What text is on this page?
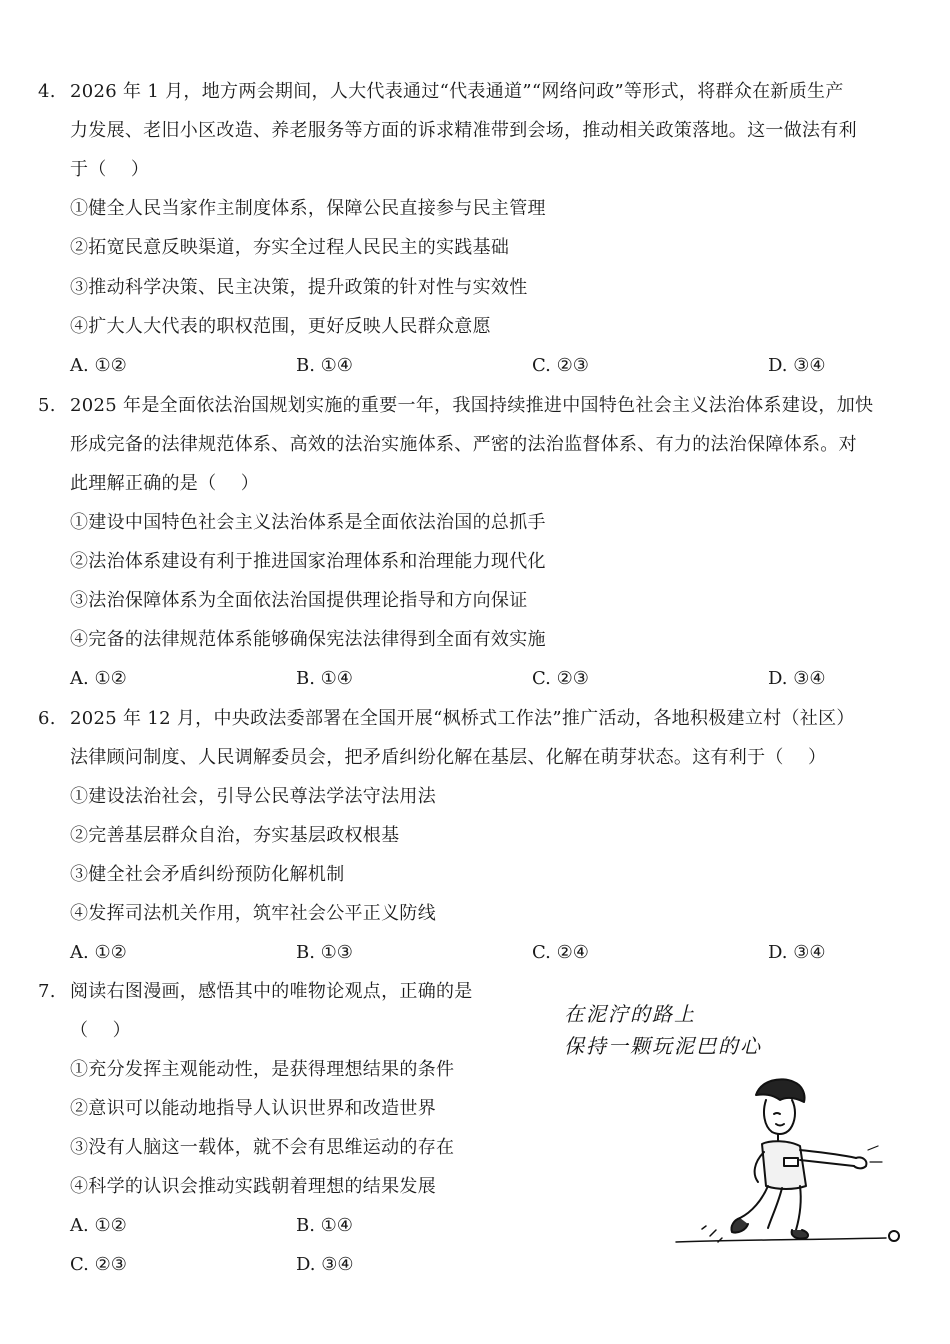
4. 2026 年 1 月，地方两会期间，人大代表通过“代表通道”“网络问政”等形式，将群众在新质生产
力发展、老旧小区改造、养老服务等方面的诉求精准带到会场，推动相关政策落地。这一做法有利
于（　 ）
①健全人民当家作主制度体系，保障公民直接参与民主管理
②拓宽民意反映渠道，夯实全过程人民民主的实践基础
③推动科学决策、民主决策，提升政策的针对性与实效性
④扩大人大代表的职权范围，更好反映人民群众意愿
A. ①②	B. ①④	C. ②③	D. ③④
5. 2025 年是全面依法治国规划实施的重要一年，我国持续推进中国特色社会主义法治体系建设，加快
形成完备的法律规范体系、高效的法治实施体系、严密的法治监督体系、有力的法治保障体系。对
此理解正确的是（　 ）
①建设中国特色社会主义法治体系是全面依法治国的总抓手
②法治体系建设有利于推进国家治理体系和治理能力现代化
③法治保障体系为全面依法治国提供理论指导和方向保证
④完备的法律规范体系能够确保宪法法律得到全面有效实施
A. ①②	B. ①④	C. ②③	D. ③④
6. 2025 年 12 月，中央政法委部署在全国开展“枫桥式工作法”推广活动，各地积极建立村（社区）
法律顾问制度、人民调解委员会，把矛盾纠纷化解在基层、化解在萌芽状态。这有利于（　 ）
①建设法治社会，引导公民尊法学法守法用法
②完善基层群众自治，夯实基层政权根基
③健全社会矛盾纠纷预防化解机制
④发挥司法机关作用，筑牢社会公平正义防线
A. ①②	B. ①③	C. ②④	D. ③④
7. 阅读右图漫画，感悟其中的唯物论观点，正确的是
（　 ）
①充分发挥主观能动性，是获得理想结果的条件
②意识可以能动地指导人认识世界和改造世界
③没有人脑这一载体，就不会有思维运动的存在
④科学的认识会推动实践朝着理想的结果发展
A. ①②	B. ①④
C. ②③	D. ③④
在泥泞的路上
保持一颗玩泥巴的心
